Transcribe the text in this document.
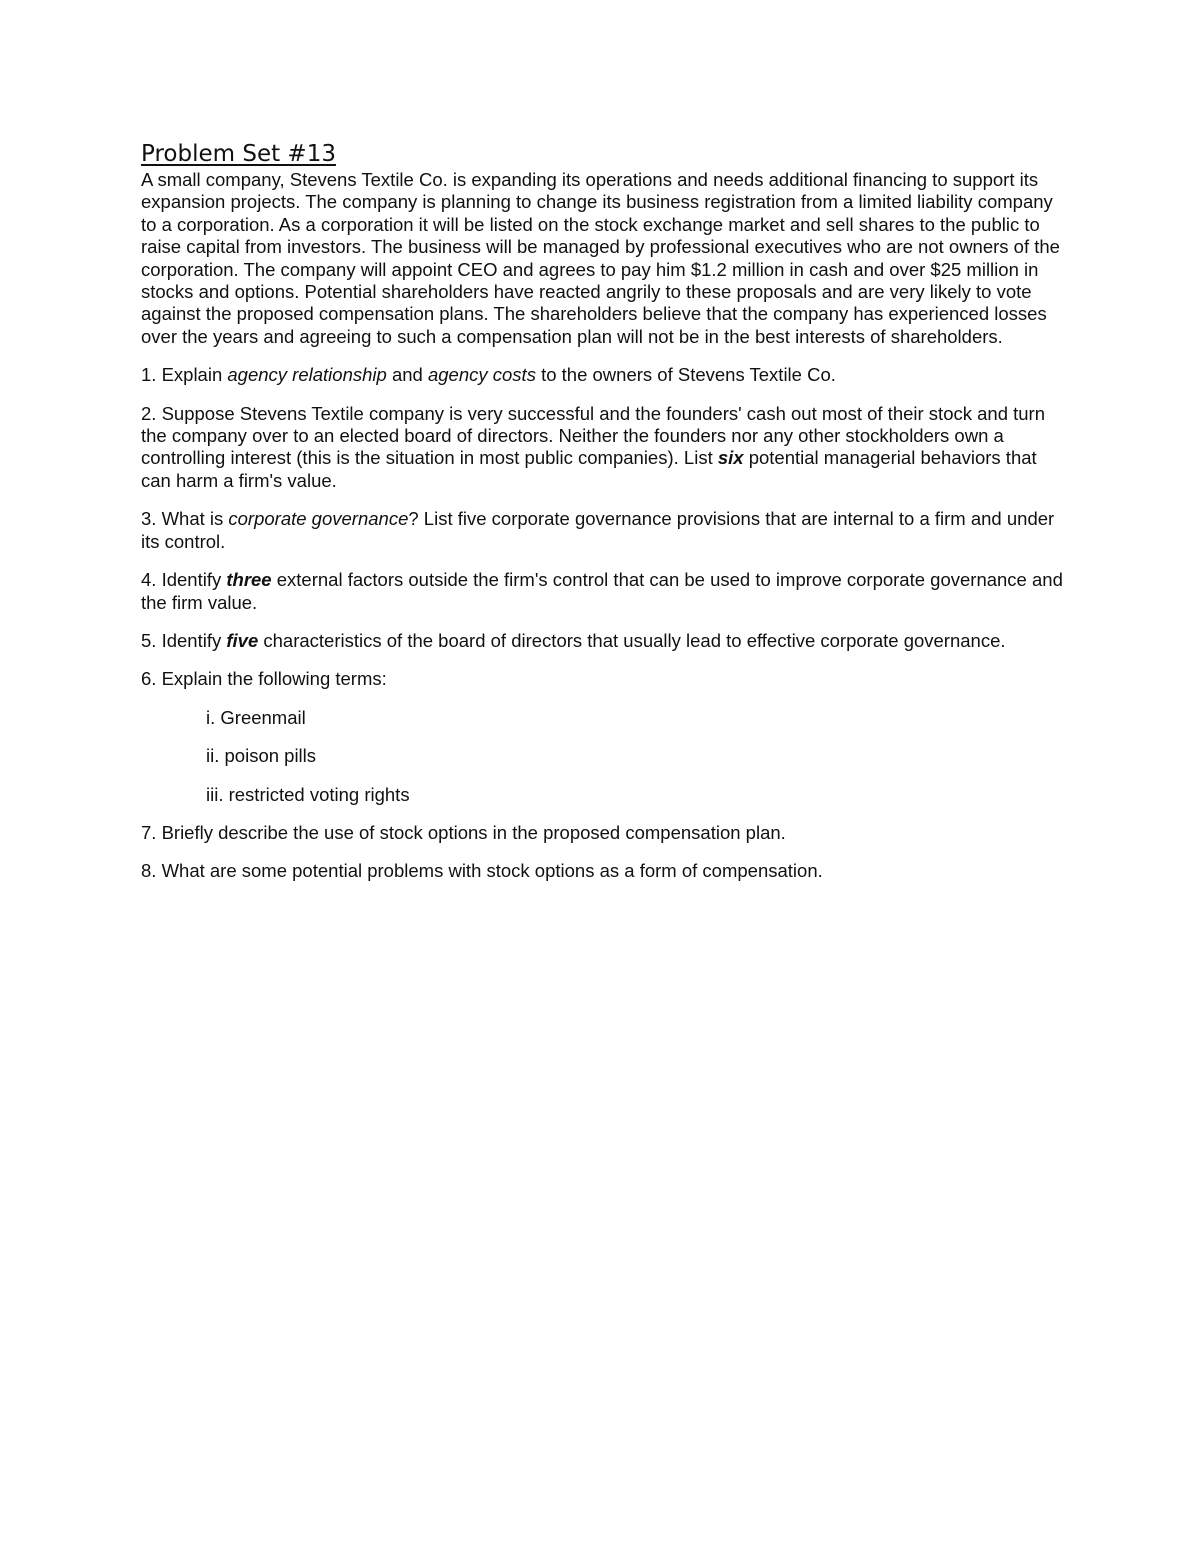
Problem Set #13

A small company, Stevens Textile Co. is expanding its operations and needs additional financing to support its expansion projects. The company is planning to change its business registration from a limited liability company to a corporation. As a corporation it will be listed on the stock exchange market and sell shares to the public to raise capital from investors. The business will be managed by professional executives who are not owners of the corporation. The company will appoint CEO and agrees to pay him $1.2 million in cash and over $25 million in stocks and options. Potential shareholders have reacted angrily to these proposals and are very likely to vote against the proposed compensation plans. The shareholders believe that the company has experienced losses over the years and agreeing to such a compensation plan will not be in the best interests of shareholders.

1. Explain agency relationship and agency costs to the owners of Stevens Textile Co.

2. Suppose Stevens Textile company is very successful and the founders' cash out most of their stock and turn the company over to an elected board of directors. Neither the founders nor any other stockholders own a controlling interest (this is the situation in most public companies). List six potential managerial behaviors that can harm a firm's value.

3. What is corporate governance? List five corporate governance provisions that are internal to a firm and under its control.

4. Identify three external factors outside the firm's control that can be used to improve corporate governance and the firm value.

5. Identify five characteristics of the board of directors that usually lead to effective corporate governance.

6. Explain the following terms:

i. Greenmail

ii. poison pills

iii. restricted voting rights

7. Briefly describe the use of stock options in the proposed compensation plan.

8. What are some potential problems with stock options as a form of compensation.
